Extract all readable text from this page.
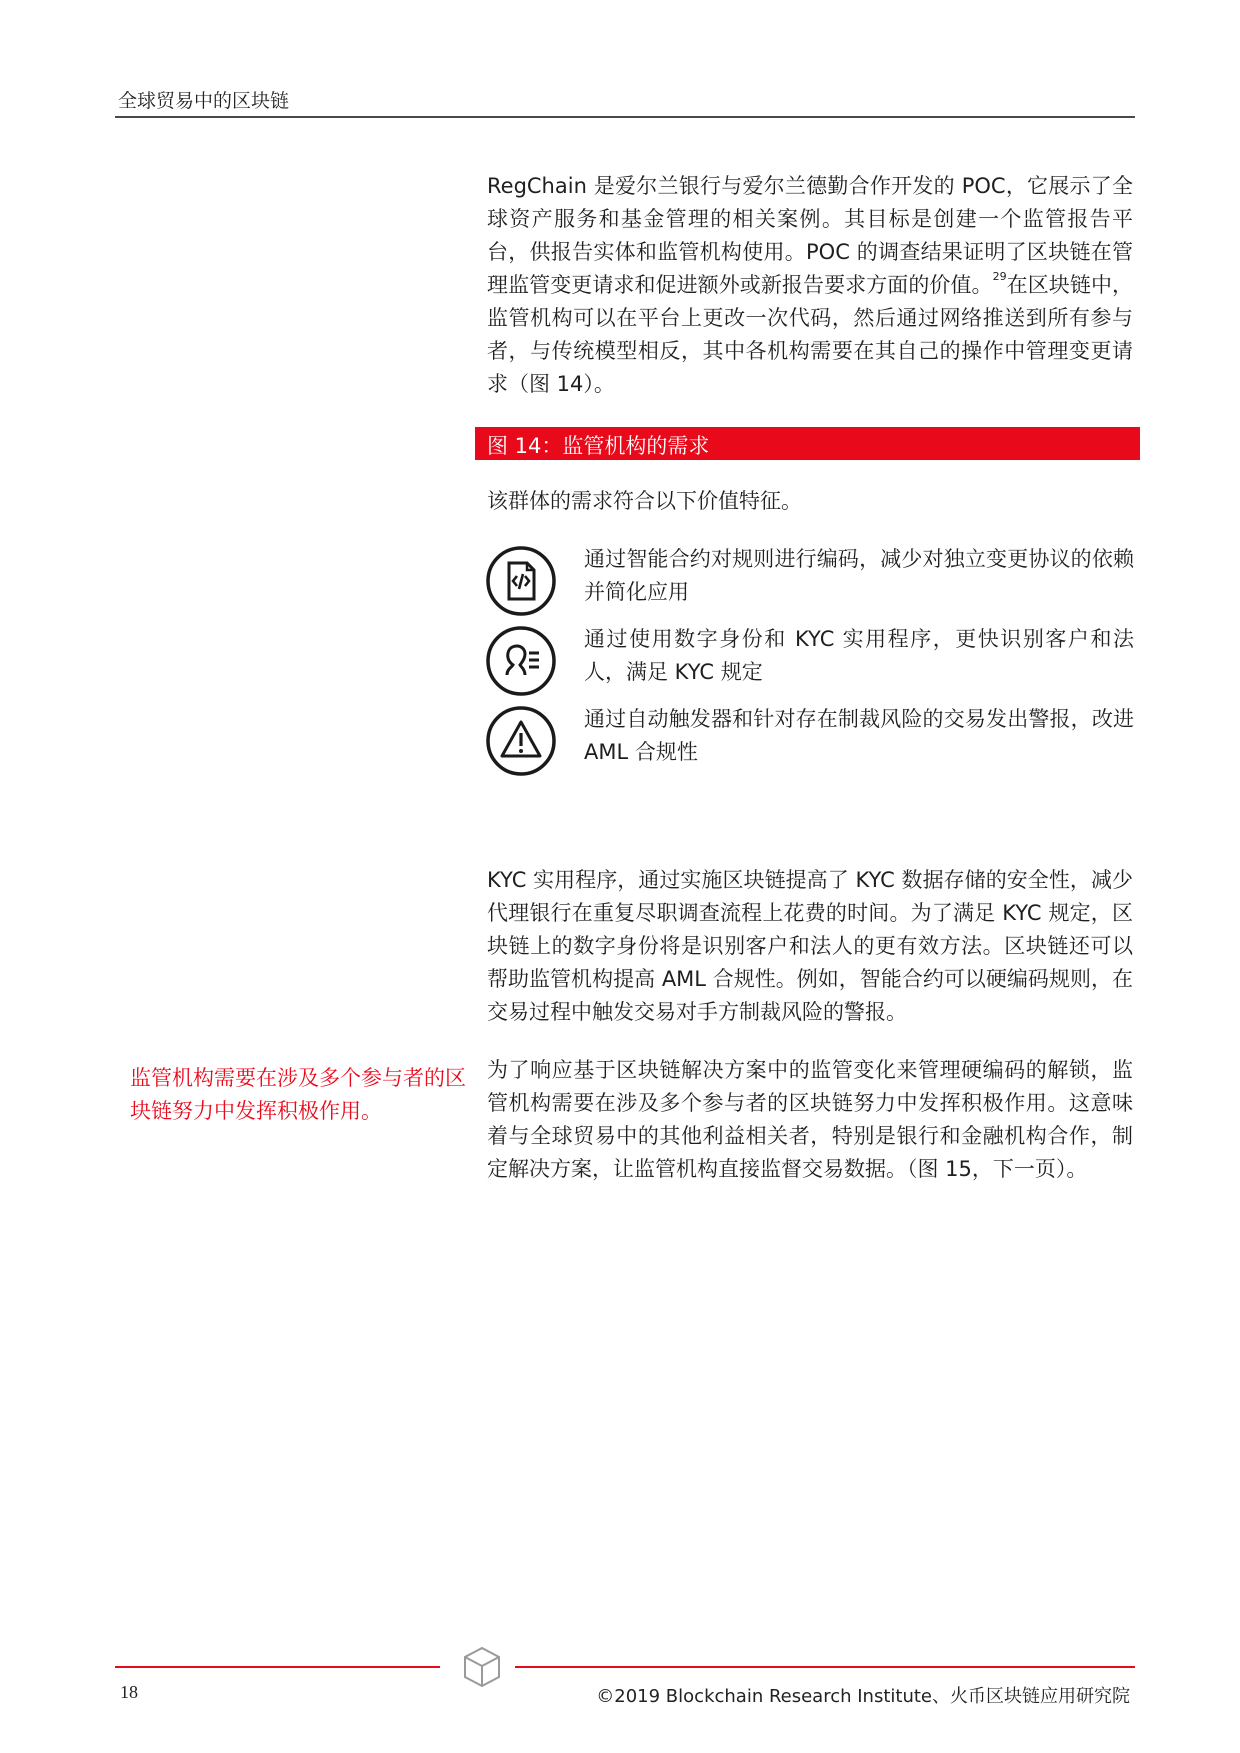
全球贸易中的区块链
RegChain 是爱尔兰银行与爱尔兰德勤合作开发的 POC，它展示了全球资产服务和基金管理的相关案例。其目标是创建一个监管报告平台，供报告实体和监管机构使用。POC 的调查结果证明了区块链在管理监管变更请求和促进额外或新报告要求方面的价值。$^{29}$在区块链中，监管机构可以在平台上更改一次代码，然后通过网络推送到所有参与者，与传统模型相反，其中各机构需要在其自己的操作中管理变更请求（图 14）。
图 14：监管机构的需求
该群体的需求符合以下价值特征。
通过智能合约对规则进行编码，减少对独立变更协议的依赖并简化应用
通过使用数字身份和 KYC 实用程序，更快识别客户和法人，满足 KYC 规定
通过自动触发器和针对存在制裁风险的交易发出警报，改进 AML 合规性
KYC 实用程序，通过实施区块链提高了 KYC 数据存储的安全性，减少代理银行在重复尽职调查流程上花费的时间。为了满足 KYC 规定，区块链上的数字身份将是识别客户和法人的更有效方法。区块链还可以帮助监管机构提高 AML 合规性。例如，智能合约可以硬编码规则，在交易过程中触发交易对手方制裁风险的警报。
监管机构需要在涉及多个参与者的区块链努力中发挥积极作用。
为了响应基于区块链解决方案中的监管变化来管理硬编码的解锁，监管机构需要在涉及多个参与者的区块链努力中发挥积极作用。这意味着与全球贸易中的其他利益相关者，特别是银行和金融机构合作，制定解决方案，让监管机构直接监督交易数据。（图 15，下一页）。
18	©2019 Blockchain Research Institute、火币区块链应用研究院
